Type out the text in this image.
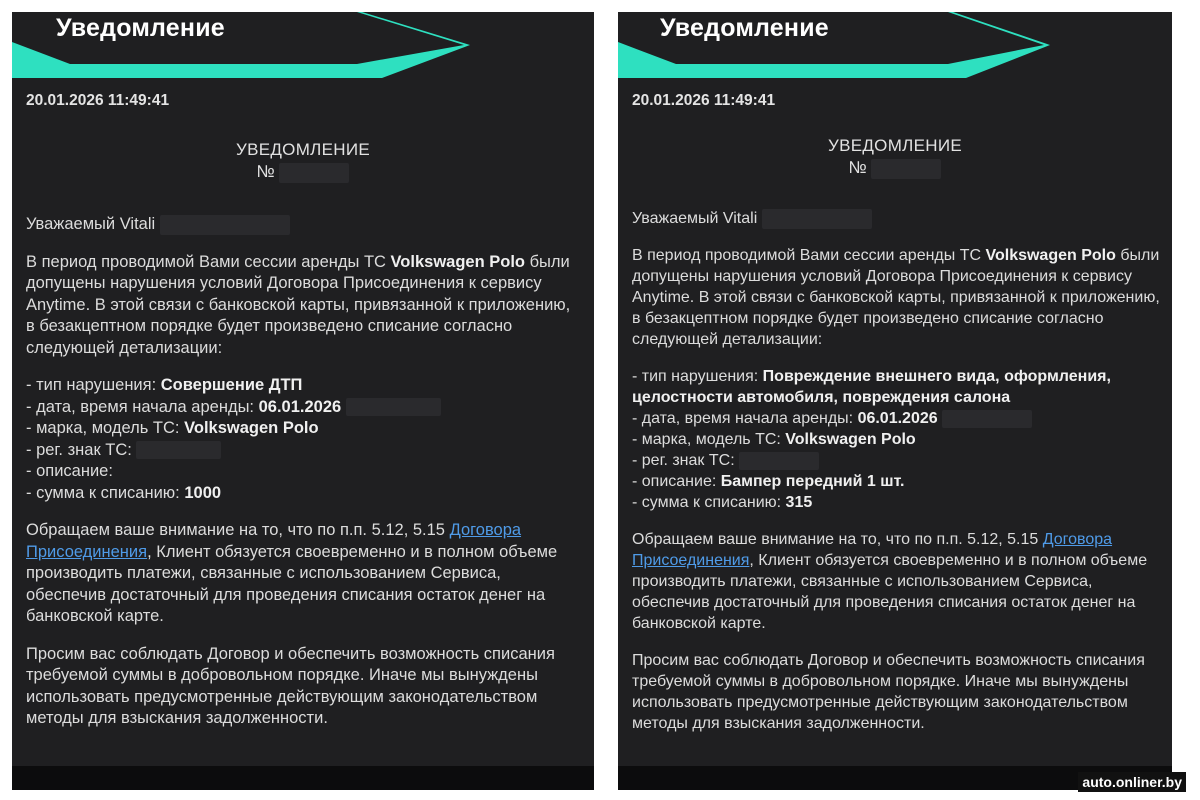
Уведомление
20.01.2026 11:49:41
УВЕДОМЛЕНИЕ
№
Уважаемый Vitali
В период проводимой Вами сессии аренды ТС Volkswagen Polo были допущены нарушения условий Договора Присоединения к сервису Anytime. В этой связи с банковской карты, привязанной к приложению, в безакцептном порядке будет произведено списание согласно следующей детализации:
- тип нарушения: Совершение ДТП
- дата, время начала аренды: 06.01.2026
- марка, модель ТС: Volkswagen Polo
- рег. знак ТС:
- описание:
- сумма к списанию: 1000
Обращаем ваше внимание на то, что по п.п. 5.12, 5.15 Договора Присоединения, Клиент обязуется своевременно и в полном объеме производить платежи, связанные с использованием Сервиса, обеспечив достаточный для проведения списания остаток денег на банковской карте.
Просим вас соблюдать Договор и обеспечить возможность списания требуемой суммы в добровольном порядке. Иначе мы вынуждены использовать предусмотренные действующим законодательством методы для взыскания задолженности.
Уведомление
20.01.2026 11:49:41
УВЕДОМЛЕНИЕ
№
Уважаемый Vitali
В период проводимой Вами сессии аренды ТС Volkswagen Polo были допущены нарушения условий Договора Присоединения к сервису Anytime. В этой связи с банковской карты, привязанной к приложению, в безакцептном порядке будет произведено списание согласно следующей детализации:
- тип нарушения: Повреждение внешнего вида, оформления, целостности автомобиля, повреждения салона
- дата, время начала аренды: 06.01.2026
- марка, модель ТС: Volkswagen Polo
- рег. знак ТС:
- описание: Бампер передний 1 шт.
- сумма к списанию: 315
Обращаем ваше внимание на то, что по п.п. 5.12, 5.15 Договора Присоединения, Клиент обязуется своевременно и в полном объеме производить платежи, связанные с использованием Сервиса, обеспечив достаточный для проведения списания остаток денег на банковской карте.
Просим вас соблюдать Договор и обеспечить возможность списания требуемой суммы в добровольном порядке. Иначе мы вынуждены использовать предусмотренные действующим законодательством методы для взыскания задолженности.
auto.onliner.by
